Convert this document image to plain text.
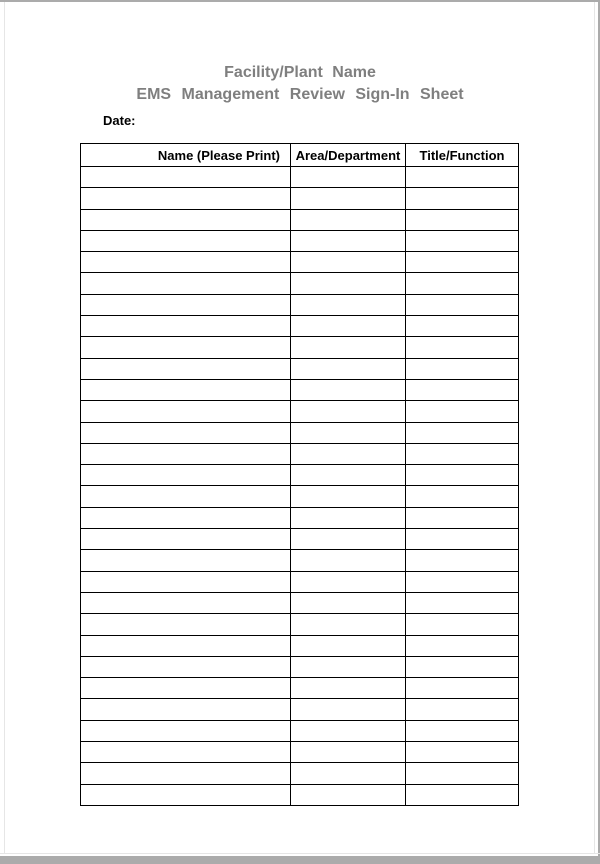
Facility/Plant Name
EMS Management Review Sign-In Sheet
Date:
Name (Please Print)	Area/Department	Title/Function
